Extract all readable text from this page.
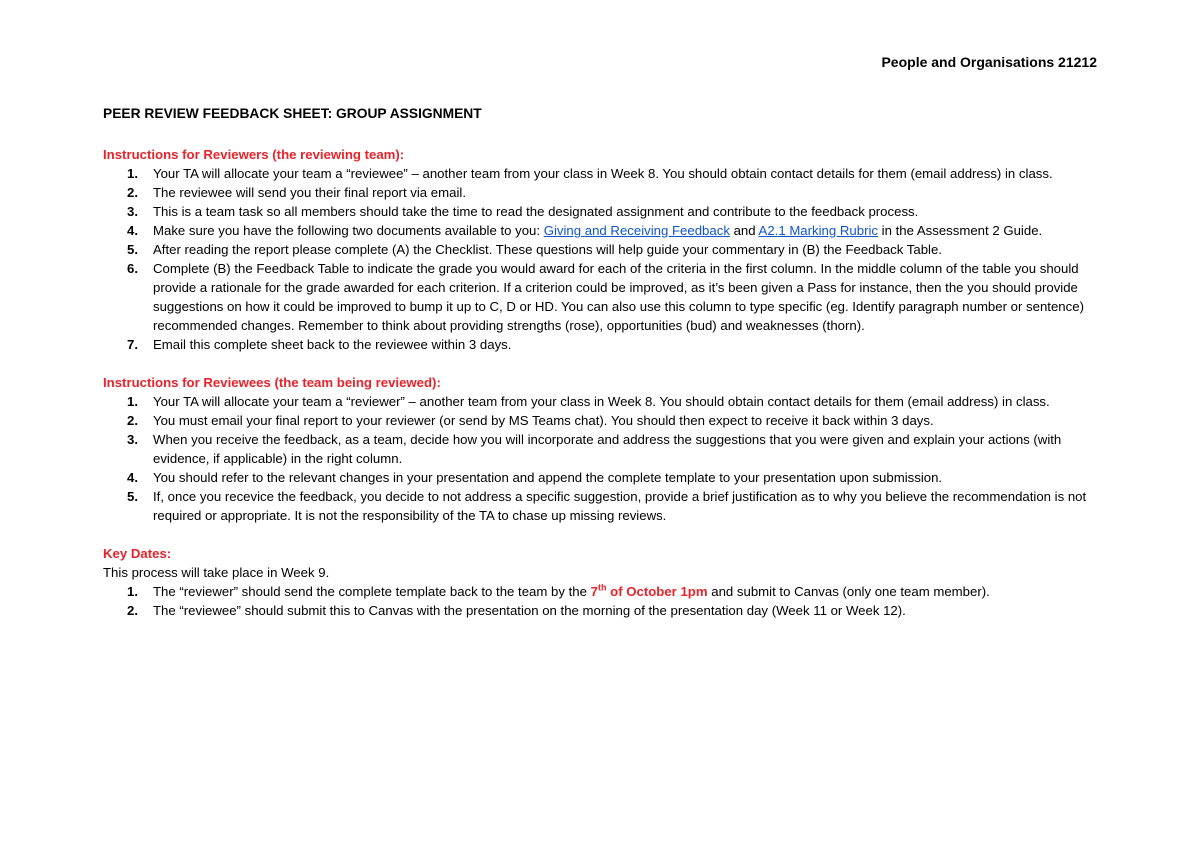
People and Organisations 21212

PEER REVIEW FEEDBACK SHEET: GROUP ASSIGNMENT

Instructions for Reviewers (the reviewing team):

1.	Your TA will allocate your team a “reviewee” – another team from your class in Week 8. You should obtain contact details for them (email address) in class.
2.	The reviewee will send you their final report via email.
3.	This is a team task so all members should take the time to read the designated assignment and contribute to the feedback process.
4.	Make sure you have the following two documents available to you: Giving and Receiving Feedback and A2.1 Marking Rubric in the Assessment 2 Guide.
5.	After reading the report please complete (A) the Checklist. These questions will help guide your commentary in (B) the Feedback Table.
6.	Complete (B) the Feedback Table to indicate the grade you would award for each of the criteria in the first column. In the middle column of the table you should provide a rationale for the grade awarded for each criterion. If a criterion could be improved, as it’s been given a Pass for instance, then the you should provide suggestions on how it could be improved to bump it up to C, D or HD. You can also use this column to type specific (eg. Identify paragraph number or sentence) recommended changes. Remember to think about providing strengths (rose), opportunities (bud) and weaknesses (thorn).
7.	Email this complete sheet back to the reviewee within 3 days.

Instructions for Reviewees (the team being reviewed):

1.	Your TA will allocate your team a “reviewer” – another team from your class in Week 8. You should obtain contact details for them (email address) in class.
2.	You must email your final report to your reviewer (or send by MS Teams chat). You should then expect to receive it back within 3 days.
3.	When you receive the feedback, as a team, decide how you will incorporate and address the suggestions that you were given and explain your actions (with evidence, if applicable) in the right column.
4.	You should refer to the relevant changes in your presentation and append the complete template to your presentation upon submission.
5.	If, once you recevice the feedback, you decide to not address a specific suggestion, provide a brief justification as to why you believe the recommendation is not required or appropriate. It is not the responsibility of the TA to chase up missing reviews.

Key Dates:

This process will take place in Week 9.

1.	The “reviewer” should send the complete template back to the team by the 7th of October 1pm and submit to Canvas (only one team member).
2.	The “reviewee” should submit this to Canvas with the presentation on the morning of the presentation day (Week 11 or Week 12).
